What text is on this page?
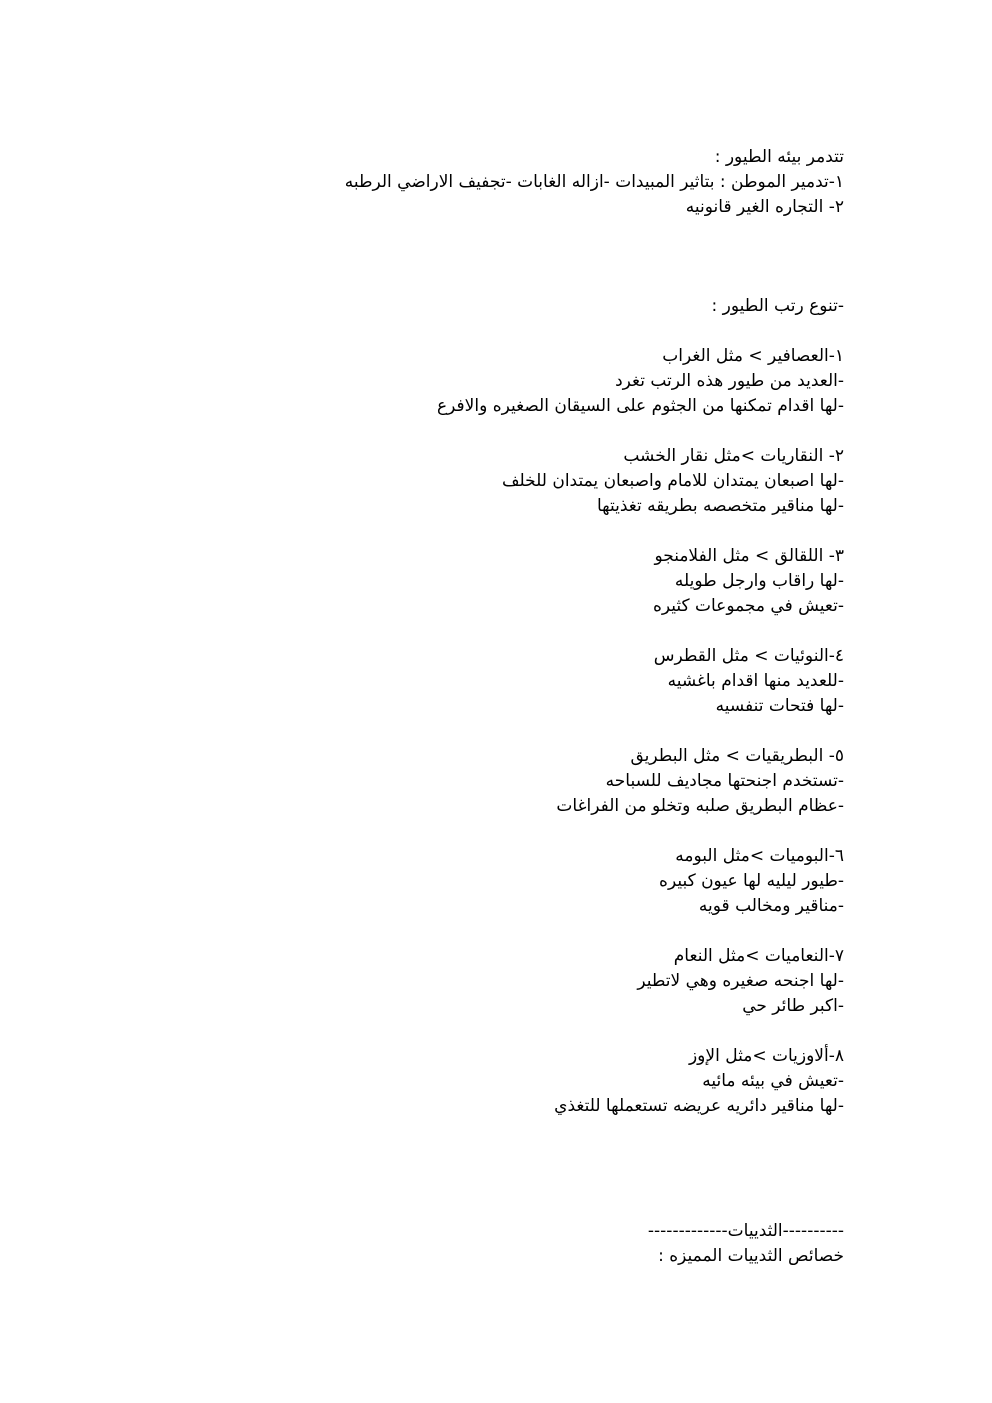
تتدمر بيئه الطيور :
١-تدمير الموطن : بتاثير المبيدات -ازاله الغابات -تجفيف الاراضي الرطبه
٢- التجاره الغير قانونيه
-تنوع رتب الطيور :
١-العصافير > مثل الغراب
-العديد من طيور هذه الرتب تغرد
-لها اقدام تمكنها من الجثوم على السيقان الصغيره والافرع
٢- النقاريات >مثل نقار الخشب
-لها اصبعان يمتدان للامام واصبعان يمتدان للخلف
-لها مناقير متخصصه بطريقه تغذيتها
٣- اللقالق > مثل الفلامنجو
-لها راقاب وارجل طويله
-تعيش في مجموعات كثيره
٤-النوئيات > مثل القطرس
-للعديد منها اقدام باغشيه
-لها فتحات تنفسيه
٥- البطريقيات > مثل البطريق
-تستخدم اجنحتها مجاديف للسباحه
-عظام البطريق صلبه وتخلو من الفراغات
٦-البوميات >مثل البومه
-طيور ليليه لها عيون كبيره
-مناقير ومخالب قويه
٧-النعاميات >مثل النعام
-لها اجنحه صغيره وهي لاتطير
-اكبر طائر حي
٨-ألاوزيات >مثل الإوز
-تعيش في بيئه مائيه
-لها مناقير دائريه عريضه تستعملها للتغذي
----------الثدييات-------------
خصائص الثدييات المميزه :
